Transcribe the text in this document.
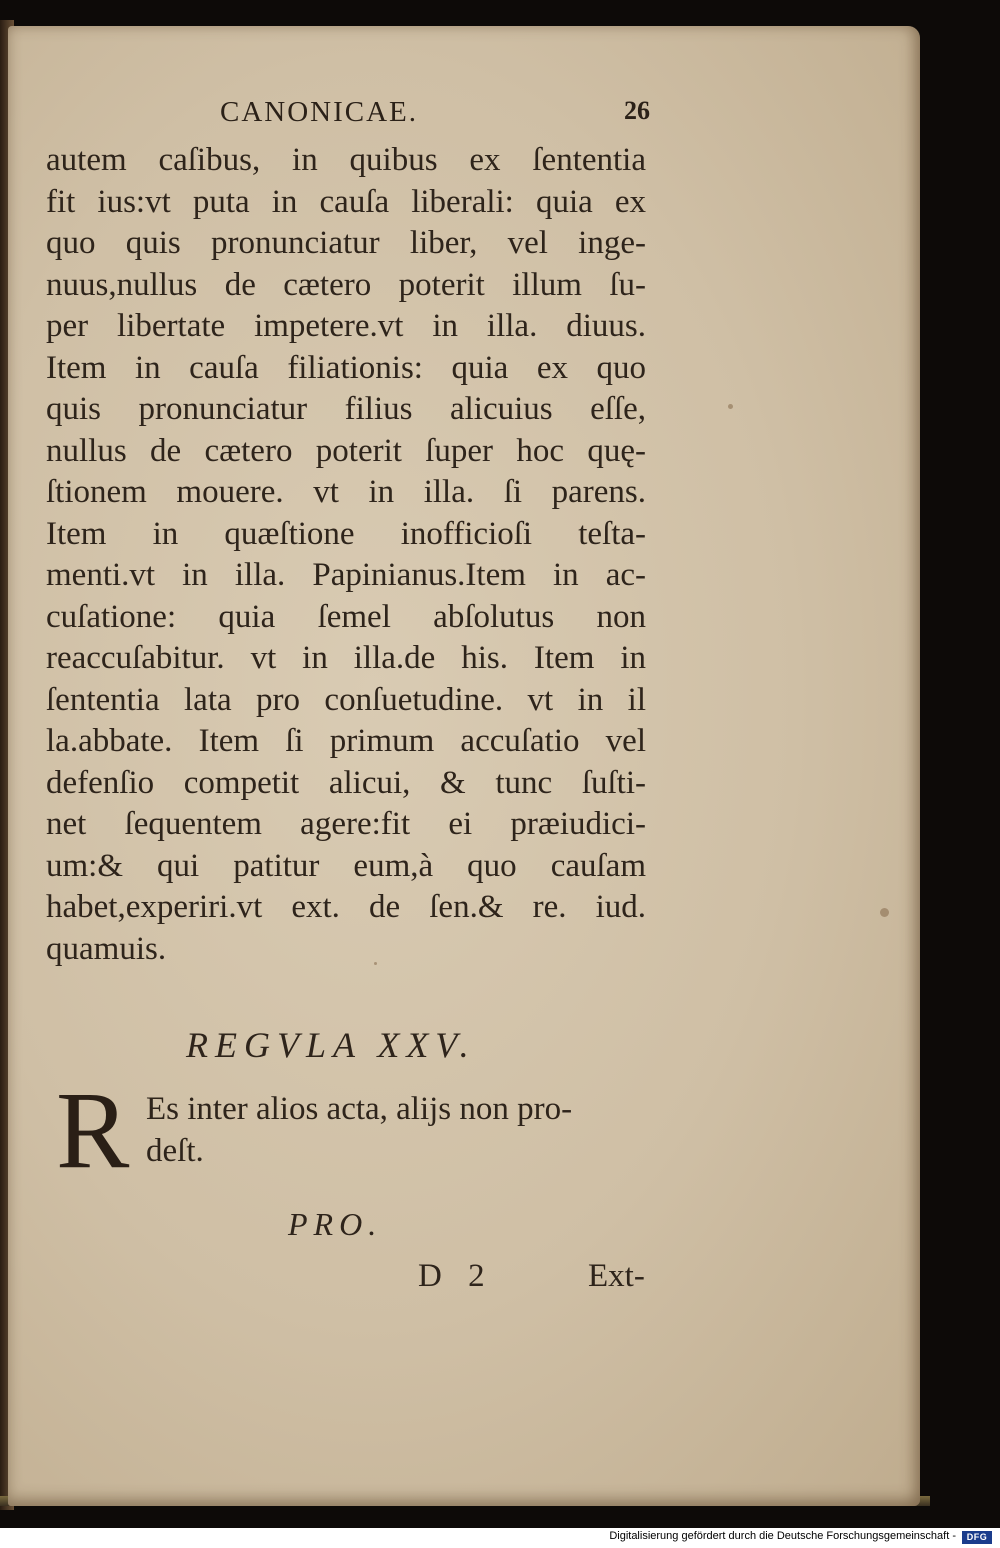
CANONICAE.	26
autem caſibus, in quibus ex ſententia
fit ius:vt puta in cauſa liberali: quia ex
quo quis pronunciatur liber, vel inge-
nuus,nullus de cætero poterit illum ſu-
per libertate impetere.vt in illa. diuus.
Item in cauſa filiationis: quia ex quo
quis pronunciatur filius alicuius eſſe,
nullus de cætero poterit ſuper hoc quę-
ſtionem mouere. vt in illa. ſi parens.
Item in quæſtione inofficioſi teſta-
menti.vt in illa. Papinianus.Item in ac-
cuſatione: quia ſemel abſolutus non
reaccuſabitur. vt in illa.de his. Item in
ſententia lata pro conſuetudine. vt in il
la.abbate. Item ſi primum accuſatio vel
defenſio competit alicui, & tunc ſuſti-
net ſequentem agere:fit ei præiudici-
um:& qui patitur eum,à quo cauſam
habet,experiri.vt ext. de ſen.& re. iud.
quamuis.
REGVLA XXV.
R Es inter alios acta, alijs non pro-
deſt.
PRO.
D 2	Ext-
Digitalisierung gefördert durch die Deutsche Forschungsgemeinschaft -	DFG
